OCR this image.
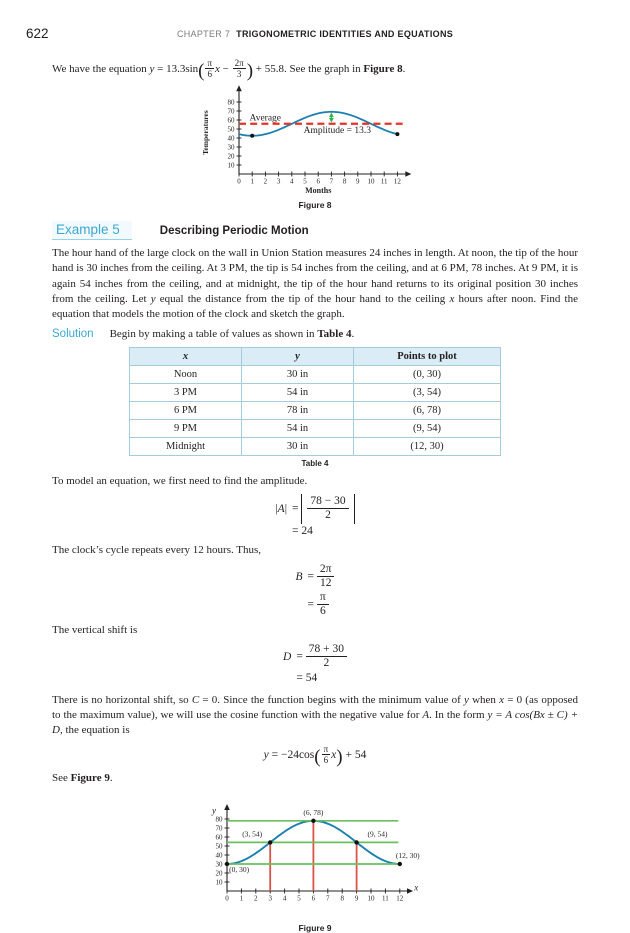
622	CHAPTER 7 TRIGONOMETRIC IDENTITIES AND EQUATIONS

We have the equation $y = 13.3\sin( \frac{\pi}{6}$ $x - \frac{2\pi}{3}$ ) + 55.8. See the graph in Figure 8.

10
20
30
40
50
60
70
80
0 1 2 3 4 5 6 7 8 9 10 11 12
Temperatures
Months
Average
Amplitude = 13.3
Figure 8
Example 5	Describing Periodic Motion

The hour hand of the large clock on the wall in Union Station measures 24 inches in length. At noon, the tip of the hour hand is 30 inches from the ceiling. At 3 PM, the tip is 54 inches from the ceiling, and at 6 PM, 78 inches. At 9 PM, it is again 54 inches from the ceiling, and at midnight, the tip of the hour hand returns to its original position 30 inches from the ceiling. Let y equal the distance from the tip of the hour hand to the ceiling x hours after noon. Find the equation that models the motion of the clock and sketch the graph.

Solution Begin by making a table of values as shown in Table 4.
x	y	Points to plot
Noon	30 in	(0, 30)
3 PM	54 in	(3, 54)
6 PM	78 in	(6, 78)
9 PM	54 in	(9, 54)
Midnight	30 in	(12, 30)
Table 4

To model an equation, we first need to find the amplitude.

|A|	= $\frac{78 - 30}{2}$

	= 24

The clock’s cycle repeats every 12 hours. Thus,

B	= $\frac{2\pi}{12}$

	= $\frac{\pi}{6}$

The vertical shift is

D	= $\frac{78 + 30}{2}$

	= 54

There is no horizontal shift, so C = 0. Since the function begins with the minimum value of y when x = 0 (as opposed to the maximum value), we will use the cosine function with the negative value for A. In the form y = A cos(Bx ± C) + D, the equation is

$y = -24\cos( \frac{\pi}{6} x) + 54$

See Figure 9.

10
20
30
40
50
60
70
80
0 1 2 3 4 5 6 7 8 9 10 11 12
y
x
(0, 30)
(3, 54)
(6, 78)
(9, 54)
(12, 30)
Figure 9
